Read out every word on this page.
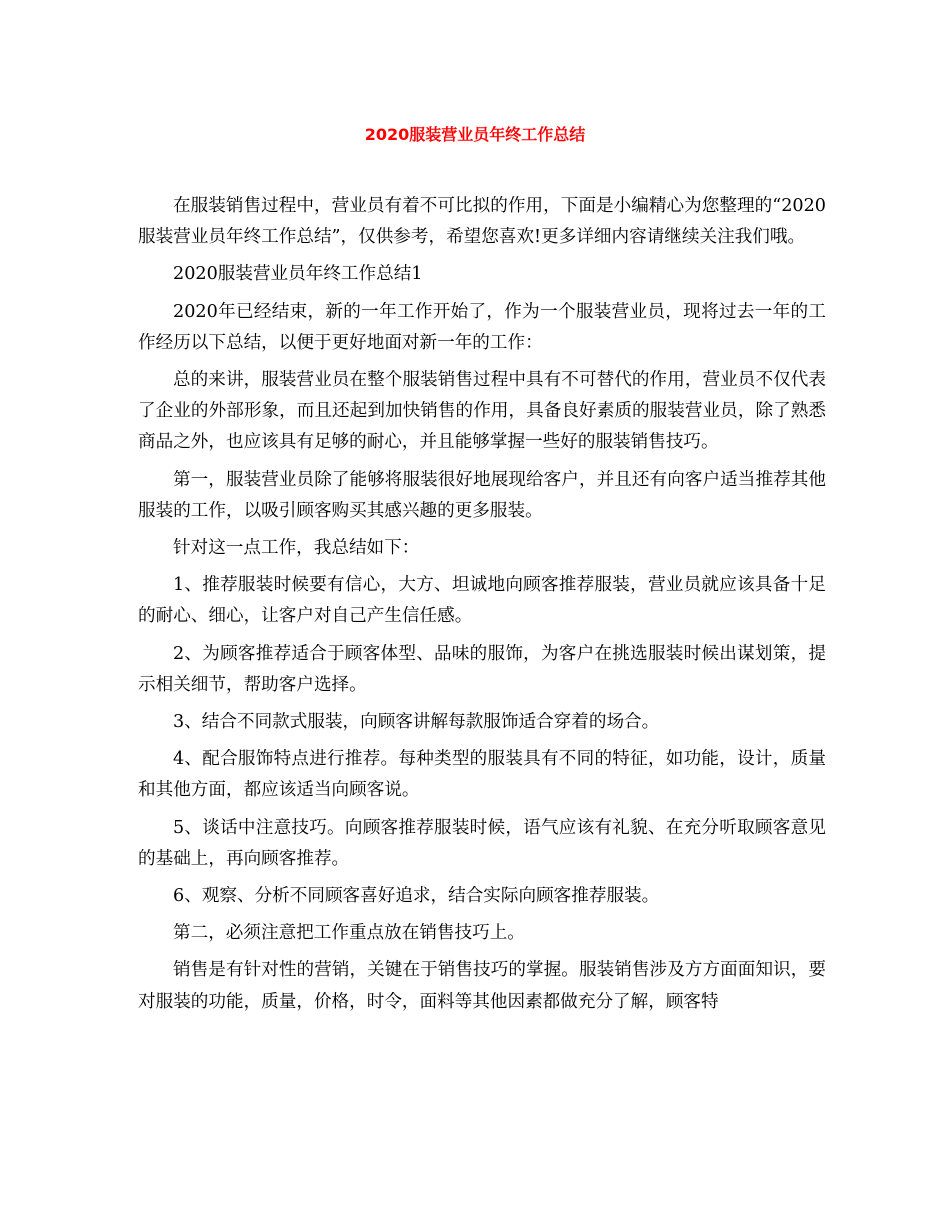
2020服装营业员年终工作总结

在服装销售过程中，营业员有着不可比拟的作用，下面是小编精心为您整理的“2020服装营业员年终工作总结”，仅供参考，希望您喜欢!更多详细内容请继续关注我们哦。

2020服装营业员年终工作总结1

2020年已经结束，新的一年工作开始了，作为一个服装营业员，现将过去一年的工作经历以下总结，以便于更好地面对新一年的工作：

总的来讲，服装营业员在整个服装销售过程中具有不可替代的作用，营业员不仅代表了企业的外部形象，而且还起到加快销售的作用，具备良好素质的服装营业员，除了熟悉商品之外，也应该具有足够的耐心，并且能够掌握一些好的服装销售技巧。

第一，服装营业员除了能够将服装很好地展现给客户，并且还有向客户适当推荐其他服装的工作，以吸引顾客购买其感兴趣的更多服装。

针对这一点工作，我总结如下：

1、推荐服装时候要有信心，大方、坦诚地向顾客推荐服装，营业员就应该具备十足的耐心、细心，让客户对自己产生信任感。

2、为顾客推荐适合于顾客体型、品味的服饰，为客户在挑选服装时候出谋划策，提示相关细节，帮助客户选择。

3、结合不同款式服装，向顾客讲解每款服饰适合穿着的场合。

4、配合服饰特点进行推荐。每种类型的服装具有不同的特征，如功能，设计，质量和其他方面，都应该适当向顾客说。

5、谈话中注意技巧。向顾客推荐服装时候，语气应该有礼貌、在充分听取顾客意见的基础上，再向顾客推荐。

6、观察、分析不同顾客喜好追求，结合实际向顾客推荐服装。

第二，必须注意把工作重点放在销售技巧上。

销售是有针对性的营销，关键在于销售技巧的掌握。服装销售涉及方方面面知识，要对服装的功能，质量，价格，时令，面料等其他因素都做充分了解，顾客特
